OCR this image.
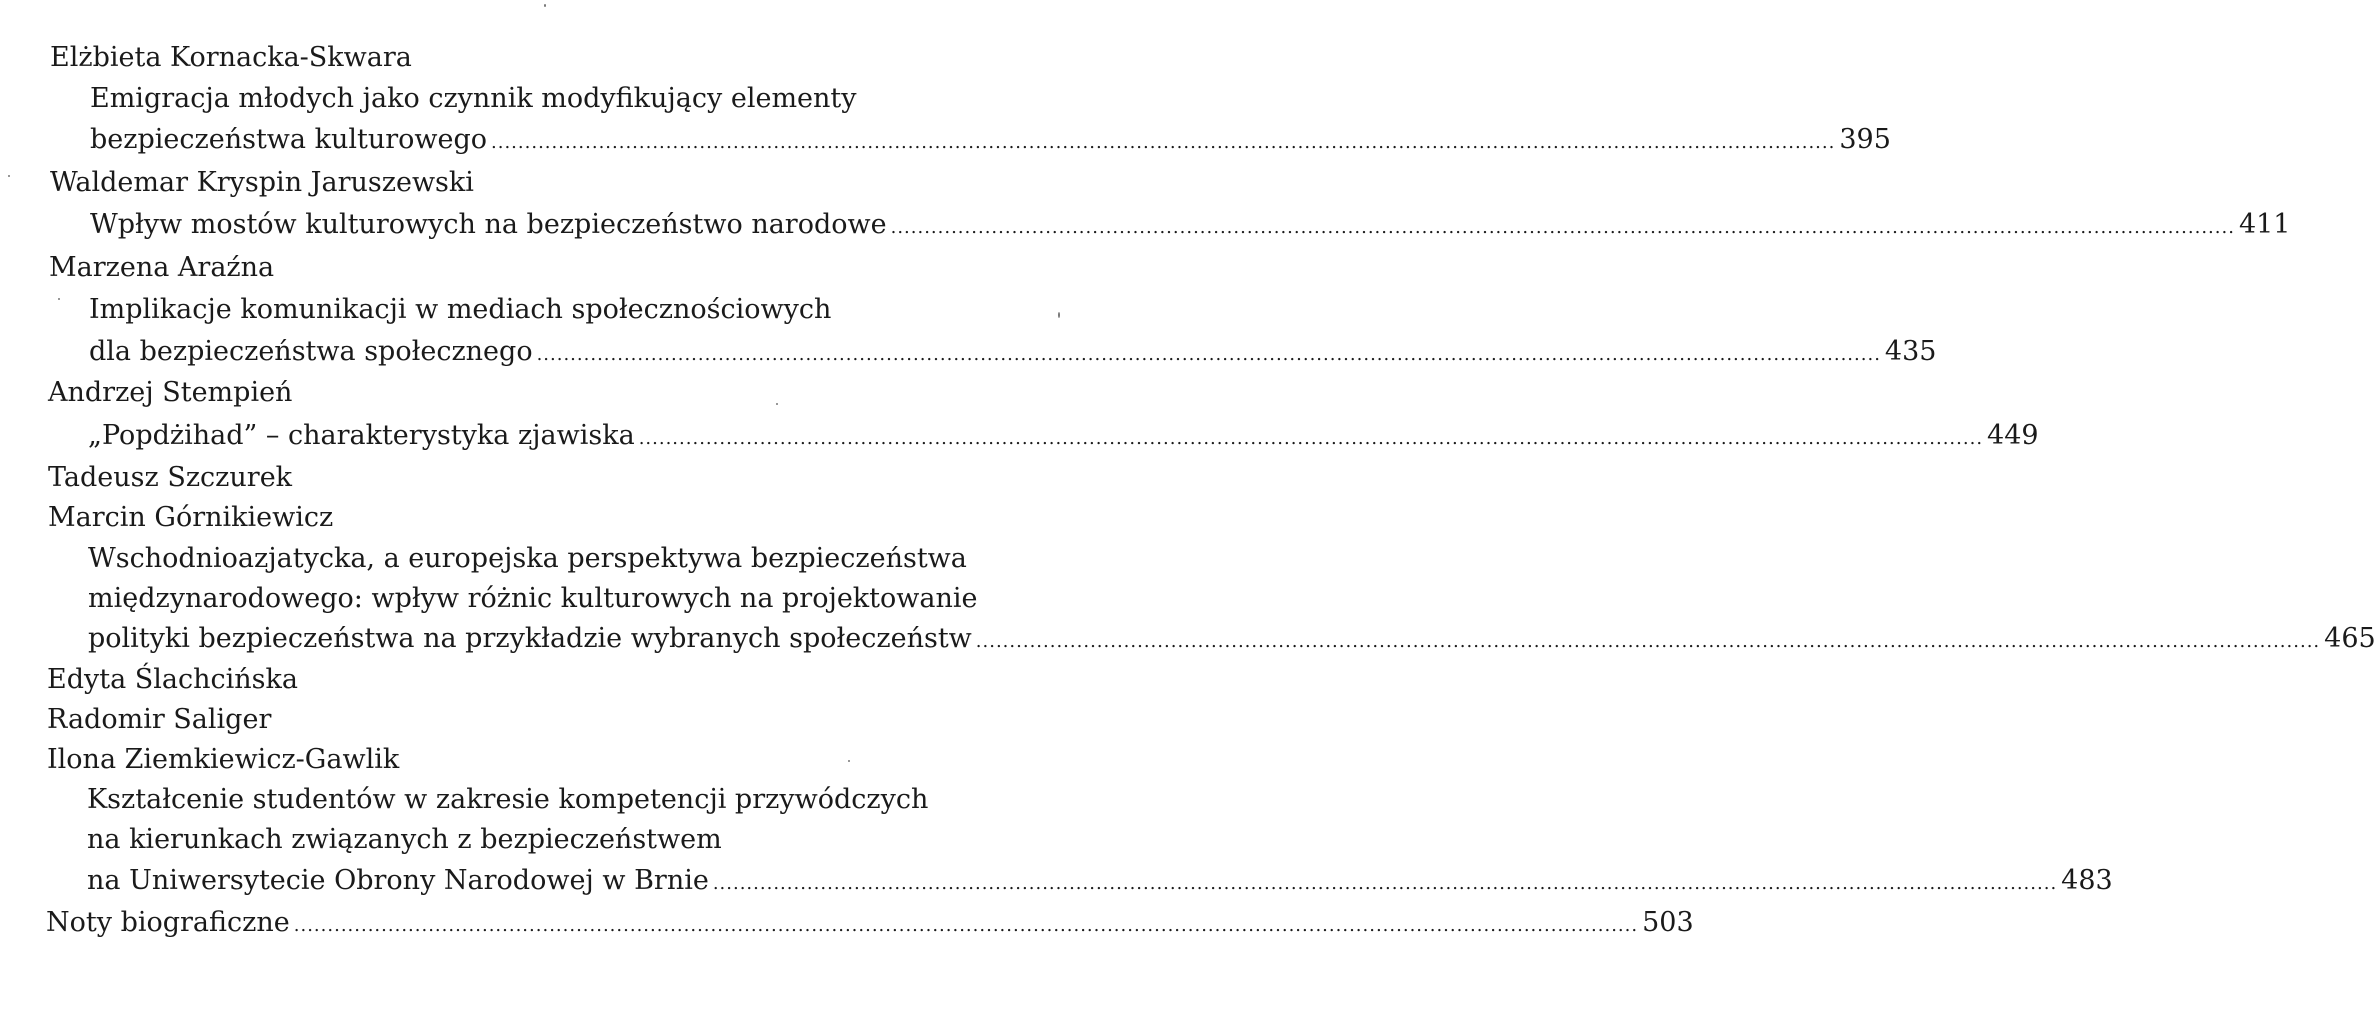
Elżbieta Kornacka-Skwara
Emigracja młodych jako czynnik modyfikujący elementy
bezpieczeństwa kulturowego ........................................................................................................................................................................................................ 395
Waldemar Kryspin Jaruszewski
Wpływ mostów kulturowych na bezpieczeństwo narodowe ........................................................................................................................................................................................................ 411
Marzena Araźna
Implikacje komunikacji w mediach społecznościowych
dla bezpieczeństwa społecznego ........................................................................................................................................................................................................ 435
Andrzej Stempień
„Popdżihad” – charakterystyka zjawiska ........................................................................................................................................................................................................ 449
Tadeusz Szczurek
Marcin Górnikiewicz
Wschodnioazjatycka, a europejska perspektywa bezpieczeństwa
międzynarodowego: wpływ różnic kulturowych na projektowanie
polityki bezpieczeństwa na przykładzie wybranych społeczeństw ........................................................................................................................................................................................................ 465
Edyta Ślachcińska
Radomir Saliger
Ilona Ziemkiewicz-Gawlik
Kształcenie studentów w zakresie kompetencji przywódczych
na kierunkach związanych z bezpieczeństwem
na Uniwersytecie Obrony Narodowej w Brnie ........................................................................................................................................................................................................ 483
Noty biograficzne ........................................................................................................................................................................................................ 503
